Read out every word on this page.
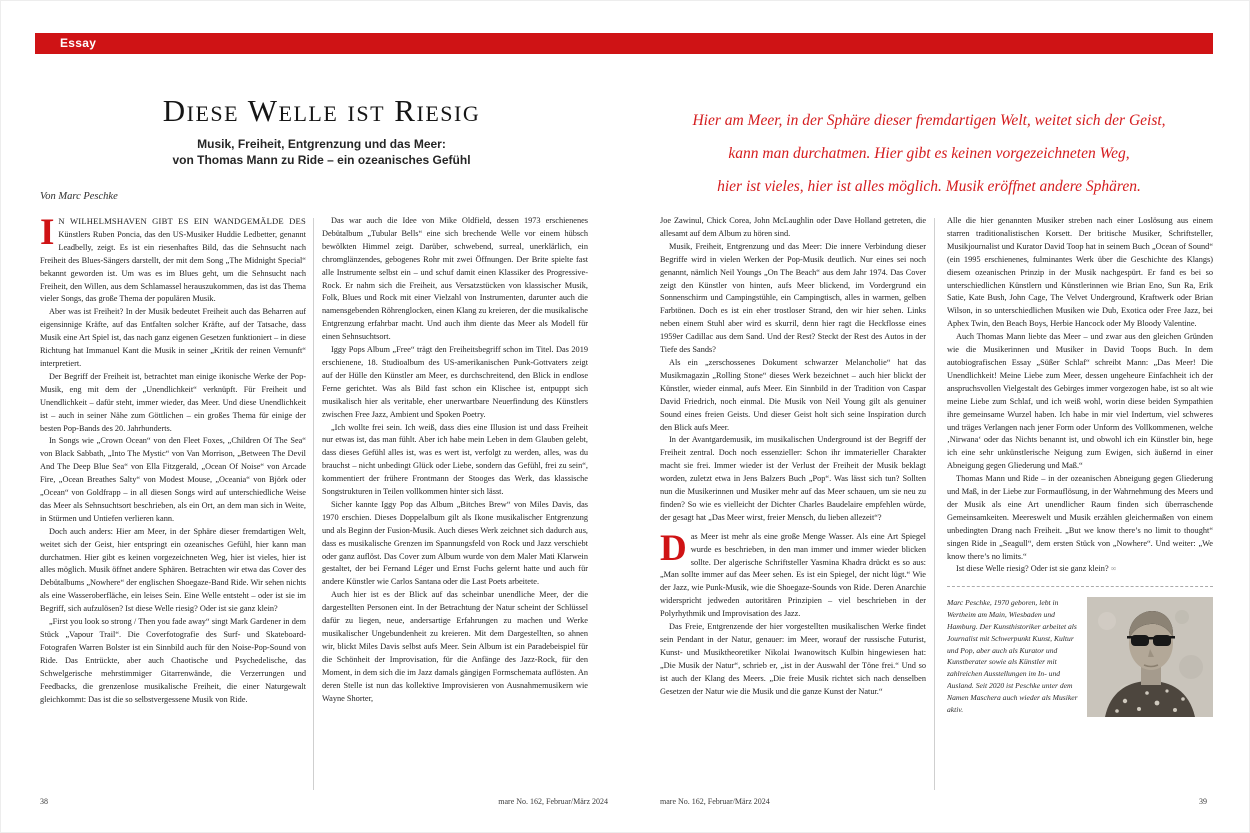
Essay
Diese Welle ist Riesig
Musik, Freiheit, Entgrenzung und das Meer:
von Thomas Mann zu Ride – ein ozeanisches Gefühl
Von Marc Peschke
Hier am Meer, in der Sphäre dieser fremdartigen Welt, weitet sich der Geist,
kann man durchatmen. Hier gibt es keinen vorgezeichneten Weg,
hier ist vieles, hier ist alles möglich. Musik eröffnet andere Sphären.

I N WILHELMSHAVEN GIBT ES EIN WANDGEMÄLDE DES Künstlers Ruben Poncia, das den US-Musiker Huddie Ledbetter, genannt Leadbelly, zeigt. Es ist ein riesenhaftes Bild, das die Sehnsucht nach Freiheit des Blues-Sängers darstellt, der mit dem Song „The Midnight Special“ bekannt geworden ist. Um was es im Blues geht, um die Sehnsucht nach Freiheit, den Willen, aus dem Schlamassel herauszukommen, das ist das Thema vieler Songs, das große Thema der populären Musik.

Aber was ist Freiheit? In der Musik bedeutet Freiheit auch das Beharren auf eigensinnige Kräfte, auf das Entfalten solcher Kräfte, auf der Tatsache, dass Musik eine Art Spiel ist, das nach ganz eigenen Gesetzen funktioniert – in diese Richtung hat Immanuel Kant die Musik in seiner „Kritik der reinen Vernunft“ interpretiert.

Der Begriff der Freiheit ist, betrachtet man einige ikonische Werke der Pop-Musik, eng mit dem der „Unendlichkeit“ verknüpft. Für Freiheit und Unendlichkeit – dafür steht, immer wieder, das Meer. Und diese Unendlichkeit ist – auch in seiner Nähe zum Göttlichen – ein großes Thema für einige der besten Pop-Bands des 20. Jahrhunderts.

In Songs wie „Crown Ocean“ von den Fleet Foxes, „Children Of The Sea“ von Black Sabbath, „Into The Mystic“ von Van Morrison, „Between The Devil And The Deep Blue Sea“ von Ella Fitzgerald, „Ocean Of Noise“ von Arcade Fire, „Ocean Breathes Salty“ von Modest Mouse, „Oceania“ von Björk oder „Ocean“ von Goldfrapp – in all diesen Songs wird auf unterschiedliche Weise das Meer als Sehnsuchtsort beschrieben, als ein Ort, an dem man sich in Weite, in Stürmen und Untiefen verlieren kann.

Doch auch anders: Hier am Meer, in der Sphäre dieser fremdartigen Welt, weitet sich der Geist, hier entspringt ein ozeanisches Gefühl, hier kann man durchatmen. Hier gibt es keinen vorgezeichneten Weg, hier ist vieles, hier ist alles möglich. Musik öffnet andere Sphären. Betrachten wir etwa das Cover des Debütalbums „Nowhere“ der englischen Shoegaze-Band Ride. Wir sehen nichts als eine Wasseroberfläche, ein leises Sein. Eine Welle entsteht – oder ist sie im Begriff, sich aufzulösen? Ist diese Welle riesig? Oder ist sie ganz klein?

„First you look so strong / Then you fade away“ singt Mark Gardener in dem Stück „Vapour Trail“. Die Coverfotografie des Surf- und Skateboard-Fotografen Warren Bolster ist ein Sinnbild auch für den Noise-Pop-Sound von Ride. Das Entrückte, aber auch Chaotische und Psychedelische, das Schwelgerische mehrstimmiger Gitarrenwände, die Verzerrungen und Feedbacks, die grenzenlose musikalische Freiheit, die einer Naturgewalt gleichkommt: Das ist die so selbstvergessene Musik von Ride.

Das war auch die Idee von Mike Oldfield, dessen 1973 erschienenes Debütalbum „Tubular Bells“ eine sich brechende Welle vor einem hübsch bewölkten Himmel zeigt. Darüber, schwebend, surreal, unerklärlich, ein chromglänzendes, gebogenes Rohr mit zwei Öffnungen. Der Brite spielte fast alle Instrumente selbst ein – und schuf damit einen Klassiker des Progressive-Rock. Er nahm sich die Freiheit, aus Versatzstücken von klassischer Musik, Folk, Blues und Rock mit einer Vielzahl von Instrumenten, darunter auch die namensgebenden Röhrenglocken, einen Klang zu kreieren, der die musikalische Entgrenzung erfahrbar macht. Und auch ihm diente das Meer als Modell für einen Sehnsuchtsort.

Iggy Pops Album „Free“ trägt den Freiheitsbegriff schon im Titel. Das 2019 erschienene, 18. Studioalbum des US-amerikanischen Punk-Gottvaters zeigt auf der Hülle den Künstler am Meer, es durchschreitend, den Blick in endlose Ferne gerichtet. Was als Bild fast schon ein Klischee ist, entpuppt sich musikalisch hier als veritable, eher unerwartbare Neuerfindung des Künstlers zwischen Free Jazz, Ambient und Spoken Poetry.

„Ich wollte frei sein. Ich weiß, dass dies eine Illusion ist und dass Freiheit nur etwas ist, das man fühlt. Aber ich habe mein Leben in dem Glauben gelebt, dass dieses Gefühl alles ist, was es wert ist, verfolgt zu werden, alles, was du brauchst – nicht unbedingt Glück oder Liebe, sondern das Gefühl, frei zu sein“, kommentiert der frühere Frontmann der Stooges das Werk, das klassische Songstrukturen in Teilen vollkommen hinter sich lässt.

Sicher kannte Iggy Pop das Album „Bitches Brew“ von Miles Davis, das 1970 erschien. Dieses Doppelalbum gilt als Ikone musikalischer Entgrenzung und als Beginn der Fusion-Musik. Auch dieses Werk zeichnet sich dadurch aus, dass es musikalische Grenzen im Spannungsfeld von Rock und Jazz verschiebt oder ganz auflöst. Das Cover zum Album wurde von dem Maler Mati Klarwein gestaltet, der bei Fernand Léger und Ernst Fuchs gelernt hatte und auch für andere Künstler wie Carlos Santana oder die Last Poets arbeitete.

Auch hier ist es der Blick auf das scheinbar unendliche Meer, der die dargestellten Personen eint. In der Betrachtung der Natur scheint der Schlüssel dafür zu liegen, neue, andersartige Erfahrungen zu machen und Werke musikalischer Ungebundenheit zu kreieren. Mit dem Dargestellten, so ahnen wir, blickt Miles Davis selbst aufs Meer. Sein Album ist ein Paradebeispiel für die Schönheit der Improvisation, für die Anfänge des Jazz-Rock, für den Moment, in dem sich die im Jazz damals gängigen Formschemata auflösten. An deren Stelle ist nun das kollektive Improvisieren von Ausnahmemusikern wie Wayne Shorter,

Joe Zawinul, Chick Corea, John McLaughlin oder Dave Holland getreten, die allesamt auf dem Album zu hören sind.

Musik, Freiheit, Entgrenzung und das Meer: Die innere Verbindung dieser Begriffe wird in vielen Werken der Pop-Musik deutlich. Nur eines sei noch genannt, nämlich Neil Youngs „On The Beach“ aus dem Jahr 1974. Das Cover zeigt den Künstler von hinten, aufs Meer blickend, im Vordergrund ein Sonnenschirm und Campingstühle, ein Campingtisch, alles in warmen, gelben Farbtönen. Doch es ist ein eher trostloser Strand, den wir hier sehen. Links neben einem Stuhl aber wird es skurril, denn hier ragt die Heckflosse eines 1959er Cadillac aus dem Sand. Und der Rest? Steckt der Rest des Autos in der Tiefe des Sands?

Als ein „zerschossenes Dokument schwarzer Melancholie“ hat das Musikmagazin „Rolling Stone“ dieses Werk bezeichnet – auch hier blickt der Künstler, wieder einmal, aufs Meer. Ein Sinnbild in der Tradition von Caspar David Friedrich, noch einmal. Die Musik von Neil Young gilt als genuiner Sound eines freien Geists. Und dieser Geist holt sich seine Inspiration durch den Blick aufs Meer.

In der Avantgardemusik, im musikalischen Underground ist der Begriff der Freiheit zentral. Doch noch essenzieller: Schon ihr immaterieller Charakter macht sie frei. Immer wieder ist der Verlust der Freiheit der Musik beklagt worden, zuletzt etwa in Jens Balzers Buch „Pop“. Was lässt sich tun? Sollten nun die Musikerinnen und Musiker mehr auf das Meer schauen, um sie neu zu finden? So wie es vielleicht der Dichter Charles Baudelaire empfehlen würde, der gesagt hat „Das Meer wirst, freier Mensch, du lieben allezeit“?

Das Meer ist mehr als eine große Menge Wasser. Als eine Art Spiegel wurde es beschrieben, in den man immer und immer wieder blicken sollte. Der algerische Schriftsteller Yasmina Khadra drückt es so aus: „Man sollte immer auf das Meer sehen. Es ist ein Spiegel, der nicht lügt.“ Wie der Jazz, wie Punk-Musik, wie die Shoegaze-Sounds von Ride. Deren Anarchie widerspricht jedweden autoritären Prinzipien – viel beschrieben in der Polyrhythmik und Improvisation des Jazz.

Das Freie, Entgrenzende der hier vorgestellten musikalischen Werke findet sein Pendant in der Natur, genauer: im Meer, worauf der russische Futurist, Kunst- und Musiktheoretiker Nikolai Iwanowitsch Kulbin hingewiesen hat: „Die Musik der Natur“, schrieb er, „ist in der Auswahl der Töne frei.“ Und so ist auch der Klang des Meers. „Die freie Musik richtet sich nach denselben Gesetzen der Natur wie die Musik und die ganze Kunst der Natur.“

Alle die hier genannten Musiker streben nach einer Loslösung aus einem starren traditionalistischen Korsett. Der britische Musiker, Schriftsteller, Musikjournalist und Kurator David Toop hat in seinem Buch „Ocean of Sound“ (ein 1995 erschienenes, fulminantes Werk über die Geschichte des Klangs) diesem ozeanischen Prinzip in der Musik nachgespürt. Er fand es bei so unterschiedlichen Künstlern und Künstlerinnen wie Brian Eno, Sun Ra, Erik Satie, Kate Bush, John Cage, The Velvet Underground, Kraftwerk oder Brian Wilson, in so unterschiedlichen Musiken wie Dub, Exotica oder Free Jazz, bei Aphex Twin, den Beach Boys, Herbie Hancock oder My Bloody Valentine.

Auch Thomas Mann liebte das Meer – und zwar aus den gleichen Gründen wie die Musikerinnen und Musiker in David Toops Buch. In dem autobiografischen Essay „Süßer Schlaf“ schreibt Mann: „Das Meer! Die Unendlichkeit! Meine Liebe zum Meer, dessen ungeheure Einfachheit ich der anspruchsvollen Vielgestalt des Gebirges immer vorgezogen habe, ist so alt wie meine Liebe zum Schlaf, und ich weiß wohl, worin diese beiden Sympathien ihre gemeinsame Wurzel haben. Ich habe in mir viel Indertum, viel schweres und träges Verlangen nach jener Form oder Unform des Vollkommenen, welche ‚Nirwana‘ oder das Nichts benannt ist, und obwohl ich ein Künstler bin, hege ich eine sehr unkünstlerische Neigung zum Ewigen, sich äußernd in einer Abneigung gegen Gliederung und Maß.“

Thomas Mann und Ride – in der ozeanischen Abneigung gegen Gliederung und Maß, in der Liebe zur Formauflösung, in der Wahrnehmung des Meers und der Musik als eine Art unendlicher Raum finden sich überraschende Gemeinsamkeiten. Meereswelt und Musik erzählen gleichermaßen von einem unbedingten Drang nach Freiheit. „But we know there’s no limit to thought“ singen Ride in „Seagull“, dem ersten Stück von „Nowhere“. Und weiter: „We know there’s no limits.“

Ist diese Welle riesig? Oder ist sie ganz klein? ∞

Marc Peschke, 1970 geboren, lebt in Wertheim am Main, Wiesbaden und Hamburg. Der Kunsthistoriker arbeitet als Journalist mit Schwerpunkt Kunst, Kultur und Pop, aber auch als Kurator und Kunstberater sowie als Künstler mit zahlreichen Ausstellungen im In- und Ausland. Seit 2020 ist Peschke unter dem Namen Maschera auch wieder als Musiker aktiv.

38	mare No. 162, Februar/März 2024	mare No. 162, Februar/März 2024	39
